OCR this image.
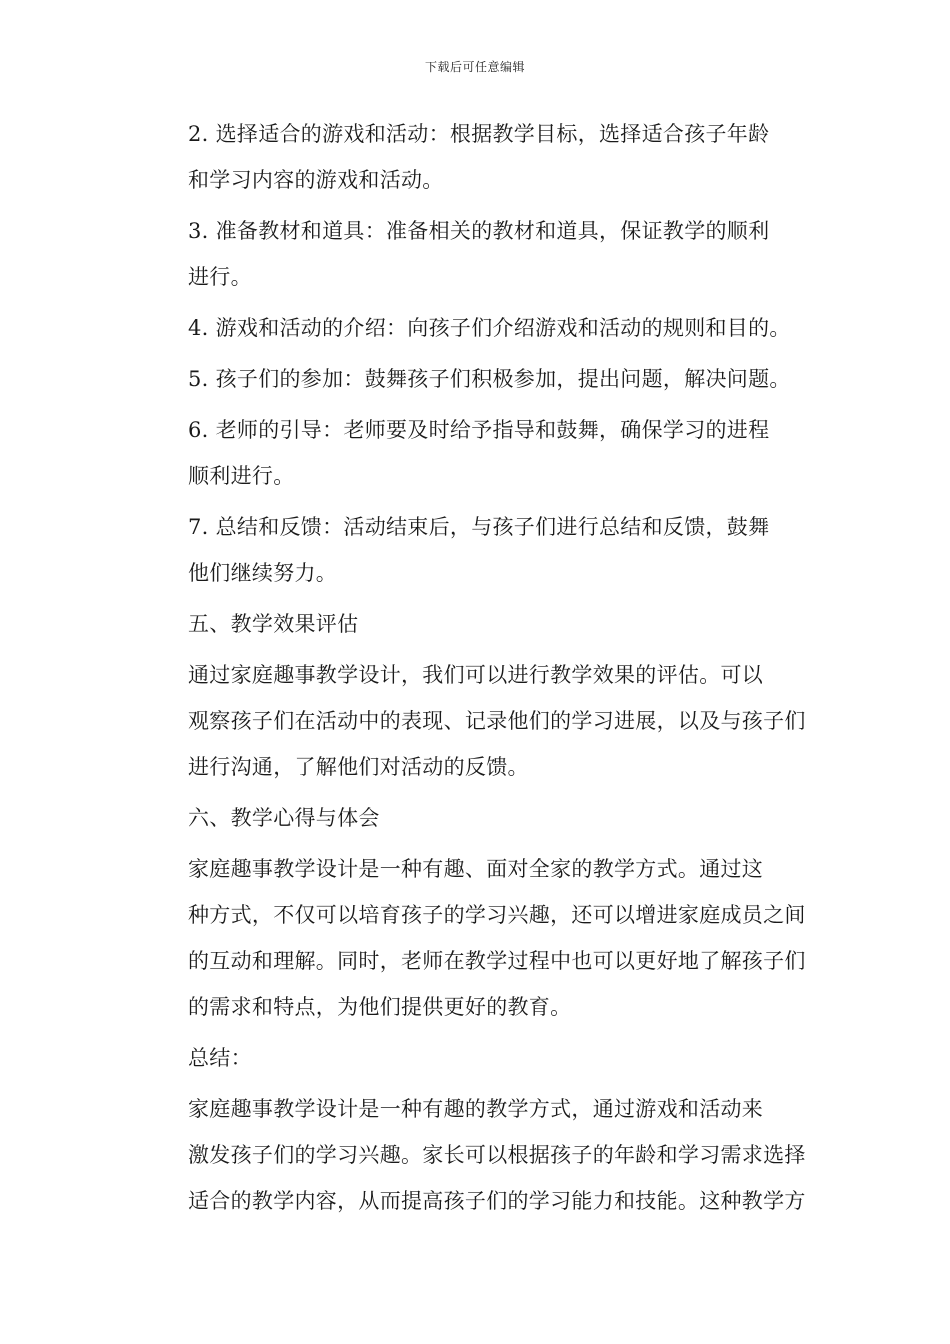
下载后可任意编辑

2. 选择适合的游戏和活动：根据教学目标，选择适合孩子年龄
和学习内容的游戏和活动。

3. 准备教材和道具：准备相关的教材和道具，保证教学的顺利
进行。

4. 游戏和活动的介绍：向孩子们介绍游戏和活动的规则和目的。

5. 孩子们的参加：鼓舞孩子们积极参加，提出问题，解决问题。

6. 老师的引导：老师要及时给予指导和鼓舞，确保学习的进程
顺利进行。

7. 总结和反馈：活动结束后，与孩子们进行总结和反馈，鼓舞
他们继续努力。

五、教学效果评估

通过家庭趣事教学设计，我们可以进行教学效果的评估。可以
观察孩子们在活动中的表现、记录他们的学习进展，以及与孩子们
进行沟通，了解他们对活动的反馈。

六、教学心得与体会

家庭趣事教学设计是一种有趣、面对全家的教学方式。通过这
种方式，不仅可以培育孩子的学习兴趣，还可以增进家庭成员之间
的互动和理解。同时，老师在教学过程中也可以更好地了解孩子们
的需求和特点，为他们提供更好的教育。

总结：

家庭趣事教学设计是一种有趣的教学方式，通过游戏和活动来
激发孩子们的学习兴趣。家长可以根据孩子的年龄和学习需求选择
适合的教学内容，从而提高孩子们的学习能力和技能。这种教学方
